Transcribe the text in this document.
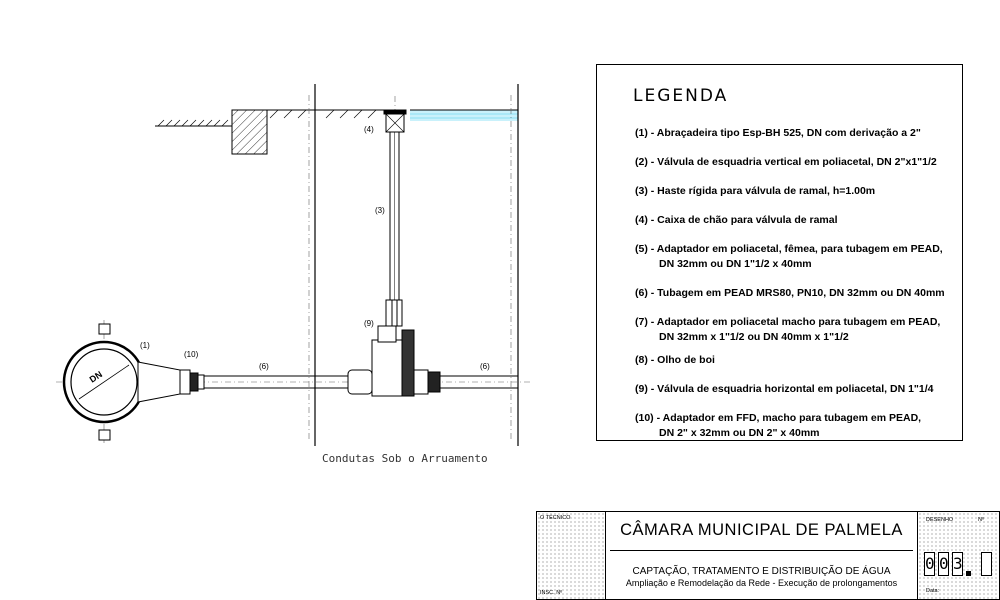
DN
(1)
(10)
(6)
(9)
(3)
(4)
(6)
Condutas Sob o Arruamento
LEGENDA
(1) - Abraçadeira tipo Esp-BH 525, DN com derivação a 2"
(2) - Válvula de esquadria vertical em poliacetal, DN 2"x1"1/2
(3) - Haste rígida para válvula de ramal, h=1.00m
(4) - Caixa de chão para válvula de ramal
(5) - Adaptador em poliacetal, fêmea, para tubagem em PEAD,
DN 32mm ou DN 1"1/2 x 40mm
(6) - Tubagem em PEAD MRS80, PN10, DN 32mm ou DN 40mm
(7) - Adaptador em poliacetal macho para tubagem em PEAD,
DN 32mm x 1"1/2 ou DN 40mm x 1"1/2
(8) - Olho de boi
(9) - Válvula de esquadria horizontal em poliacetal, DN 1"1/4
(10) - Adaptador em FFD, macho para tubagem em PEAD,
DN 2" x 32mm ou DN 2" x 40mm
O TÉCNICO
INSC. Nº
CÂMARA MUNICIPAL DE PALMELA
CAPTAÇÃO, TRATAMENTO E DISTRIBUIÇÃO DE ÁGUA
Ampliação e Remodelação da Rede - Execução de prolongamentos
DESENHO	Nº
Data:
0 0 3
